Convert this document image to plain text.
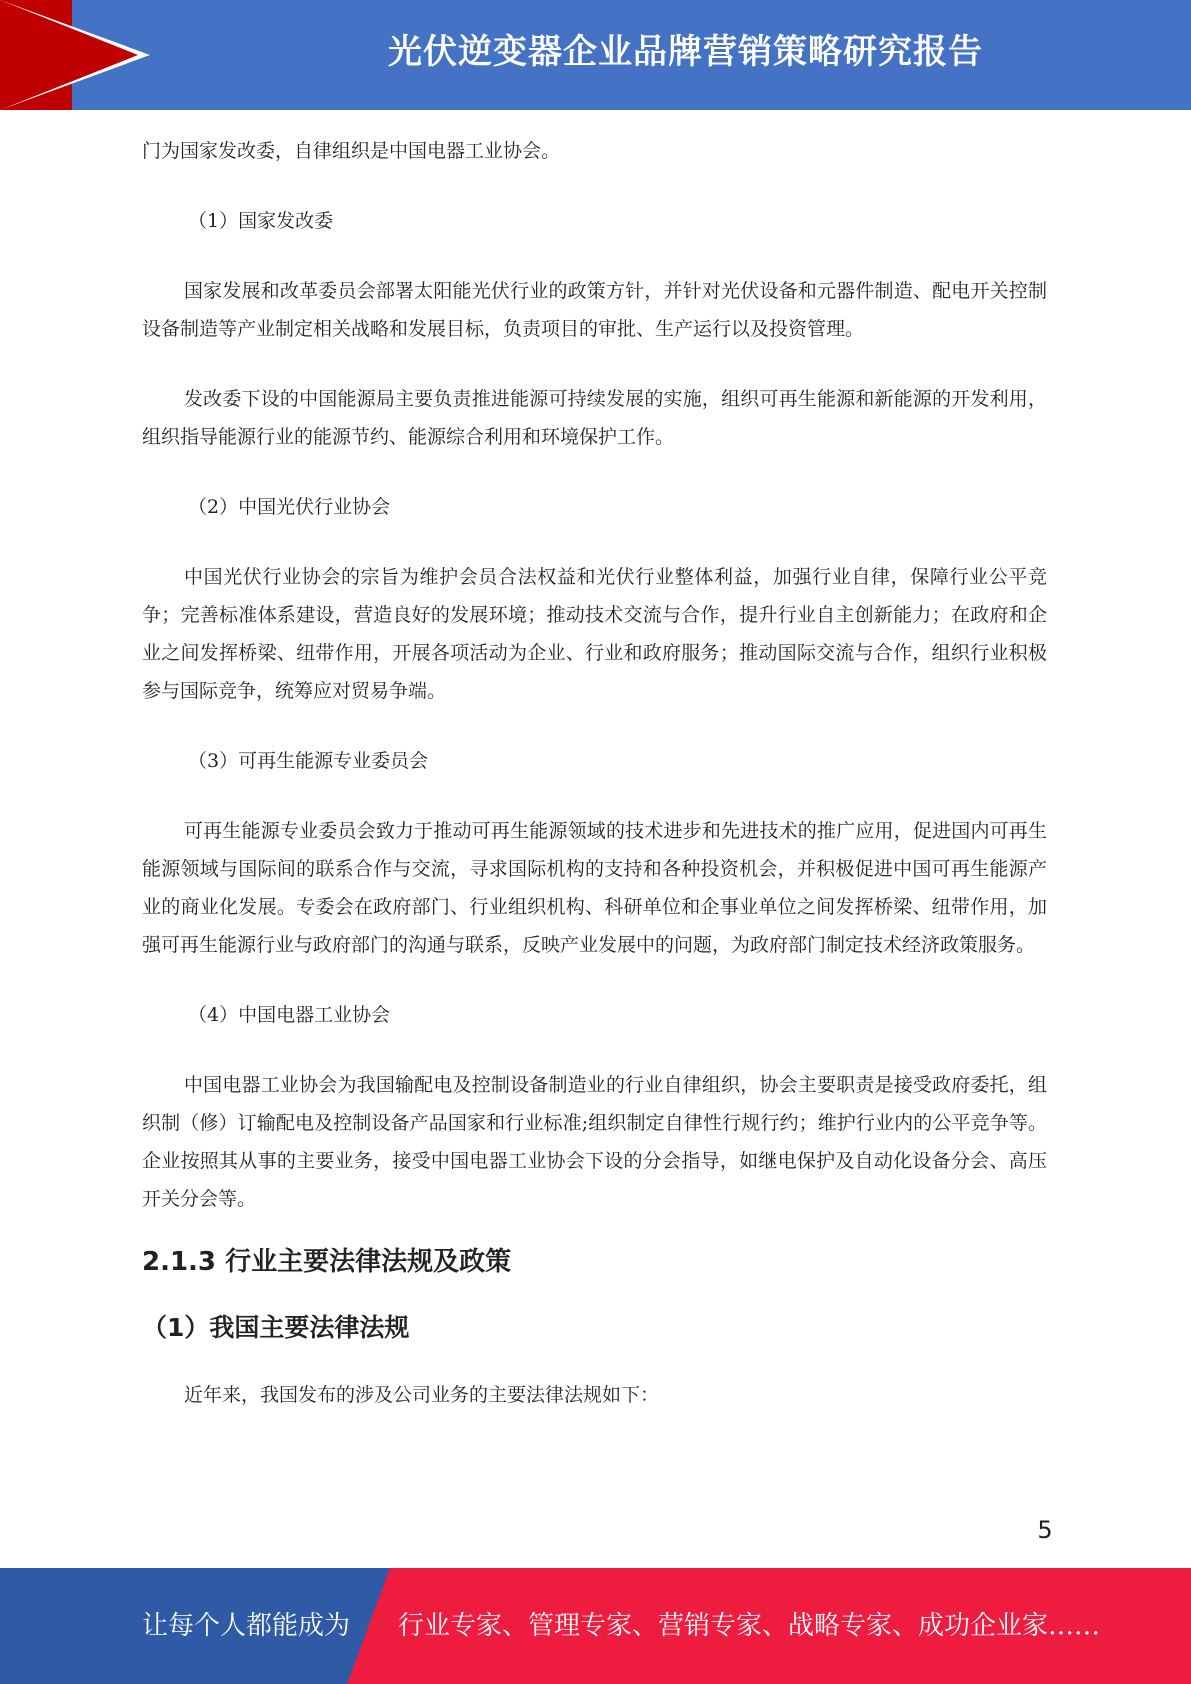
光伏逆变器企业品牌营销策略研究报告

门为国家发改委，自律组织是中国电器工业协会。

（1）国家发改委

国家发展和改革委员会部署太阳能光伏行业的政策方针，并针对光伏设备和元器件制造、配电开关控制设备制造等产业制定相关战略和发展目标，负责项目的审批、生产运行以及投资管理。

发改委下设的中国能源局主要负责推进能源可持续发展的实施，组织可再生能源和新能源的开发利用，组织指导能源行业的能源节约、能源综合利用和环境保护工作。

（2）中国光伏行业协会

中国光伏行业协会的宗旨为维护会员合法权益和光伏行业整体利益，加强行业自律，保障行业公平竞争；完善标准体系建设，营造良好的发展环境；推动技术交流与合作，提升行业自主创新能力；在政府和企业之间发挥桥梁、纽带作用，开展各项活动为企业、行业和政府服务；推动国际交流与合作，组织行业积极参与国际竞争，统筹应对贸易争端。

（3）可再生能源专业委员会

可再生能源专业委员会致力于推动可再生能源领域的技术进步和先进技术的推广应用，促进国内可再生能源领域与国际间的联系合作与交流，寻求国际机构的支持和各种投资机会，并积极促进中国可再生能源产业的商业化发展。专委会在政府部门、行业组织机构、科研单位和企事业单位之间发挥桥梁、纽带作用，加强可再生能源行业与政府部门的沟通与联系，反映产业发展中的问题，为政府部门制定技术经济政策服务。

（4）中国电器工业协会

中国电器工业协会为我国输配电及控制设备制造业的行业自律组织，协会主要职责是接受政府委托，组织制（修）订输配电及控制设备产品国家和行业标准;组织制定自律性行规行约；维护行业内的公平竞争等。企业按照其从事的主要业务，接受中国电器工业协会下设的分会指导，如继电保护及自动化设备分会、高压开关分会等。

2.1.3 行业主要法律法规及政策

（1）我国主要法律法规

近年来，我国发布的涉及公司业务的主要法律法规如下：

5
让每个人都能成为 行业专家、管理专家、营销专家、战略专家、成功企业家……
